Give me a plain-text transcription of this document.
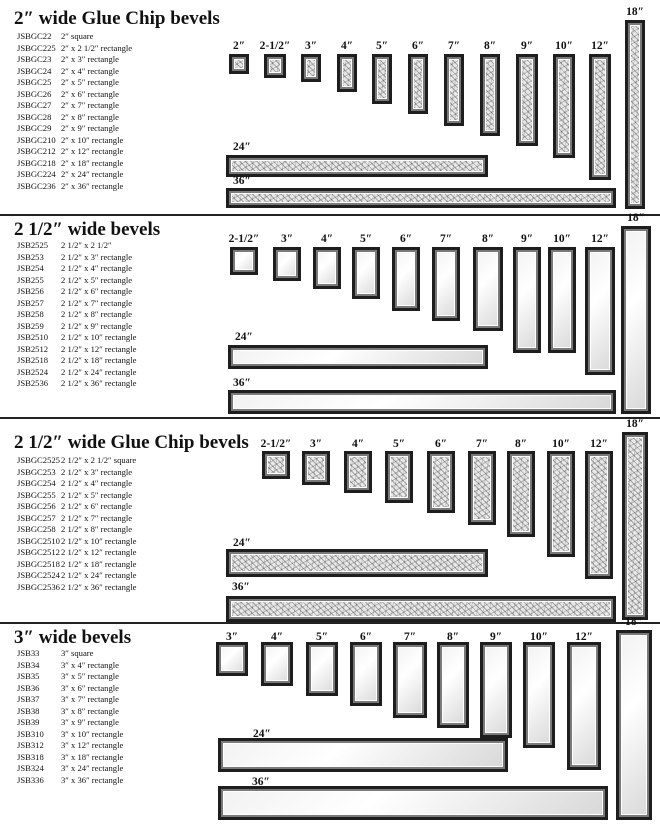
2″ wide Glue Chip bevels
JSBGC22	2″ square
JSBGC225 2″ x 2 1/2″ rectangle
JSBGC23	2″ x 3″ rectangle
JSBGC24	2″ x 4″ rectangle
JSBGC25	2″ x 5″ rectangle
JSBGC26	2″ x 6″ rectangle
JSBGC27	2″ x 7″ rectangle
JSBGC28	2″ x 8″ rectangle
JSBGC29	2″ x 9″ rectangle
JSBGC210 2″ x 10″ rectangle
JSBGC212 2″ x 12″ rectangle
JSBGC218 2″ x 18″ rectangle
JSBGC224 2″ x 24″ rectangle
JSBGC236 2″ x 36″ rectangle
2″ 2-1/2″ 3″ 4″ 5″ 6″ 7″ 8″ 9″ 10″ 12″
18″
24″
36″
2 1/2″ wide bevels
JSB2525	2 1/2″ x 2 1/2″
JSB253	2 1/2″ x 3″ rectangle
JSB254	2 1/2″ x 4″ rectangle
JSB255	2 1/2″ x 5″ rectangle
JSB256	2 1/2″ x 6″ rectangle
JSB257	2 1/2″ x 7″ rectangle
JSB258	2 1/2″ x 8″ rectangle
JSB259	2 1/2″ x 9″ rectangle
JSB2510	2 1/2″ x 10″ rectangle
JSB2512	2 1/2″ x 12″ rectangle
JSB2518	2 1/2″ x 18″ rectangle
JSB2524	2 1/2″ x 24″ rectangle
JSB2536	2 1/2″ x 36″ rectangle
2-1/2″ 3″ 4″ 5″ 6″ 7″	8″ 9″ 10″ 12″
18″
24″
36″
2 1/2″ wide Glue Chip bevels
JSBGC2525 2 1/2″ x 2 1/2″ square
JSBGC253 2 1/2″ x 3″ rectangle
JSBGC254 2 1/2″ x 4″ rectangle
JSBGC255 2 1/2″ x 5″ rectangle
JSBGC256 2 1/2″ x 6″ rectangle
JSBGC257 2 1/2″ x 7″ rectangle
JSBGC258 2 1/2″ x 8″ rectangle
JSBGC2510 2 1/2″ x 10″ rectangle
JSBGC2512 2 1/2″ x 12″ rectangle
JSBGC2518 2 1/2″ x 18″ rectangle
JSBGC2524 2 1/2″ x 24″ rectangle
JSBGC2536 2 1/2″ x 36″ rectangle
2-1/2″ 3″	4″	5″	6″	7″ 8″ 10″ 12″
18″
24″
36″
3″ wide bevels
JSB33	3″ square
JSB34	3″ x 4″ rectangle
JSB35	3″ x 5″ rectangle
JSB36	3″ x 6″ rectangle
JSB37	3″ x 7″ rectangle
JSB38	3″ x 8″ rectangle
JSB39	3″ x 9″ rectangle
JSB310	3″ x 10″ rectangle
JSB312	3″ x 12″ rectangle
JSB318	3″ x 18″ rectangle
JSB324	3″ x 24″ rectangle
JSB336	3″ x 36″ rectangle
3″	4″	5″	6″	7″	8″	9″ 10″ 12″
18″
24″
36″
